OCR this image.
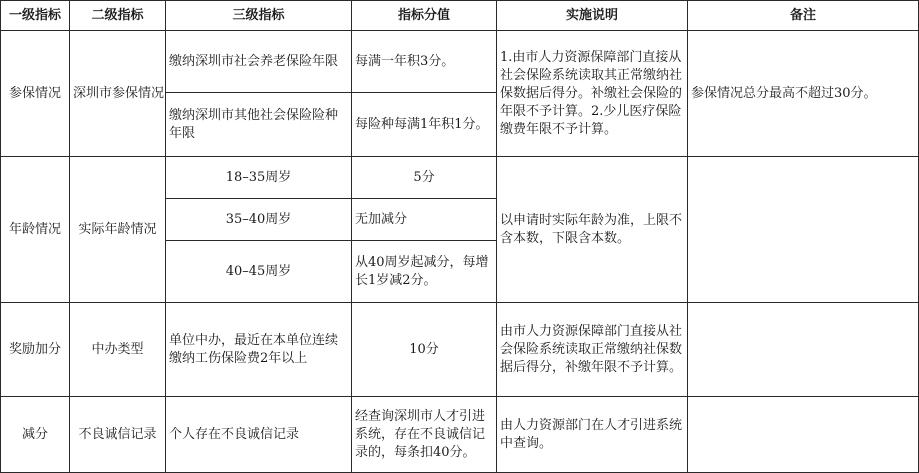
一级指标	二级指标	三级指标	指标分值	实施说明	备注
参保情况	深圳市参保情况	缴纳深圳市社会养老保险年限	每满一年积3分。	1.由市人力资源保障部门直接从社会保险系统读取其正常缴纳社保数据后得分。补缴社会保险的年限不予计算。2.少儿医疗保险缴费年限不予计算。	参保情况总分最高不超过30分。
		缴纳深圳市其他社会保险险种年限	每险种每满1年积1分。		
年龄情况	实际年龄情况	18–35周岁	5分	以申请时实际年龄为准，上限不含本数，下限含本数。	
		35–40周岁	无加减分		
		40–45周岁	从40周岁起减分，每增长1岁减2分。		
奖励加分	中办类型	单位中办，最近在本单位连续缴纳工伤保险费2年以上	10分	由市人力资源保障部门直接从社会保险系统读取正常缴纳社保数据后得分，补缴年限不予计算。	
减分	不良诚信记录	个人存在不良诚信记录	经查询深圳市人才引进系统，存在不良诚信记录的，每条扣40分。	由人力资源部门在人才引进系统中查询。	
